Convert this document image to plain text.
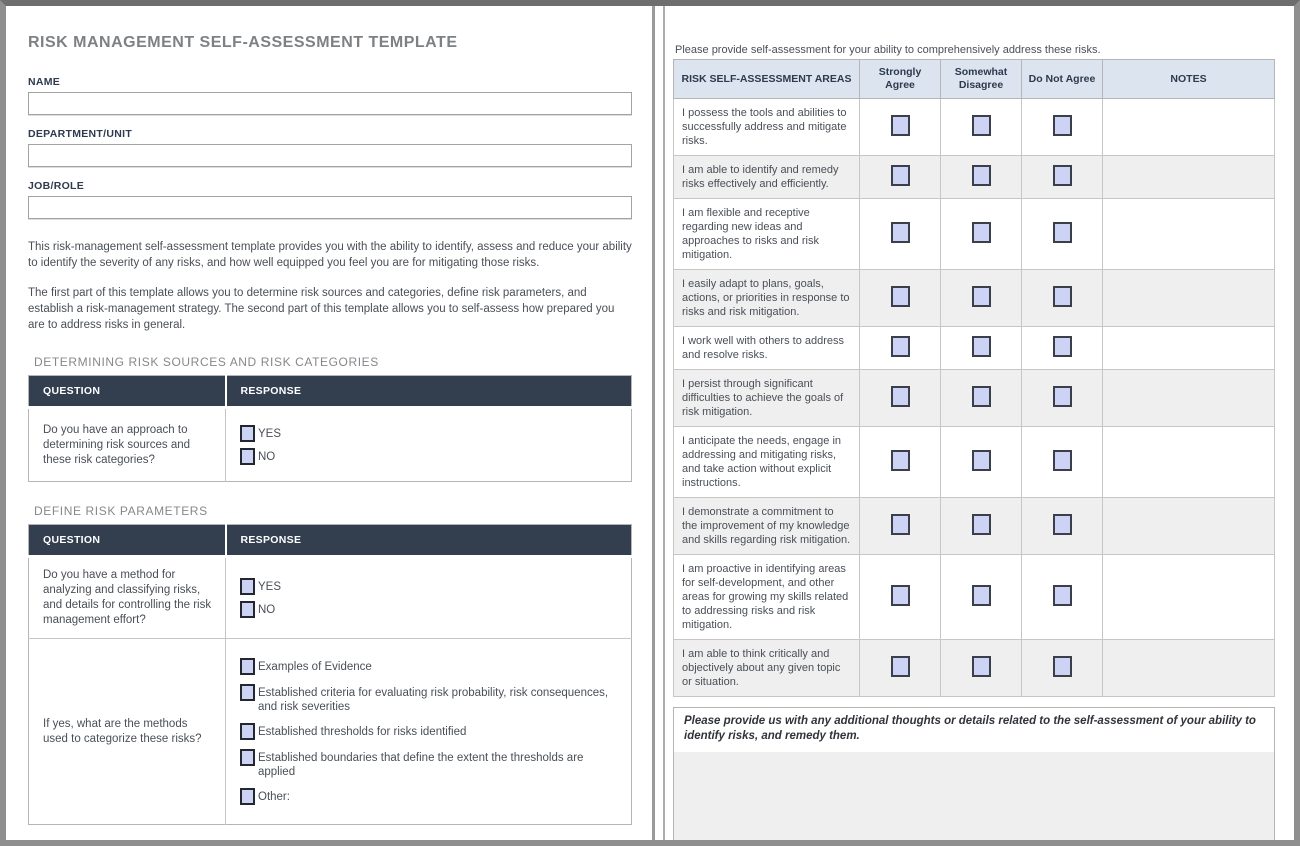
RISK MANAGEMENT SELF-ASSESSMENT TEMPLATE
NAME
DEPARTMENT/UNIT
JOB/ROLE

This risk-management self-assessment template provides you with the ability to identify, assess and reduce your ability to identify the severity of any risks, and how well equipped you feel you are for mitigating those risks.

The first part of this template allows you to determine risk sources and categories, define risk parameters, and establish a risk-management strategy. The second part of this template allows you to self-assess how prepared you are to address risks in general.

DETERMINING RISK SOURCES AND RISK CATEGORIES
QUESTION	RESPONSE
Do you have an approach to determining risk sources and these risk categories?	YES
NO
DEFINE RISK PARAMETERS
QUESTION	RESPONSE
Do you have a method for analyzing and classifying risks, and details for controlling the risk management effort?	YES
NO

If yes, what are the methods used to categorize these risks?	Examples of Evidence
Established criteria for evaluating risk probability, risk consequences, and risk severities
Established thresholds for risks identified
Established boundaries that define the extent the thresholds are applied
Other:

Please provide self-assessment for your ability to comprehensively address these risks.

RISK SELF-ASSESSMENT AREAS	Strongly Agree	Somewhat Disagree	Do Not Agree	NOTES
I possess the tools and abilities to successfully address and mitigate risks.				
I am able to identify and remedy risks effectively and efficiently.				
I am flexible and receptive regarding new ideas and approaches to risks and risk mitigation.				
I easily adapt to plans, goals, actions, or priorities in response to risks and risk mitigation.				
I work well with others to address and resolve risks.				
I persist through significant difficulties to achieve the goals of risk mitigation.				
I anticipate the needs, engage in addressing and mitigating risks, and take action without explicit instructions.				
I demonstrate a commitment to the improvement of my knowledge and skills regarding risk mitigation.				
I am proactive in identifying areas for self-development, and other areas for growing my skills related to addressing risks and risk mitigation.				
I am able to think critically and objectively about any given topic or situation.				
Please provide us with any additional thoughts or details related to the self-assessment of your ability to identify risks, and remedy them.
